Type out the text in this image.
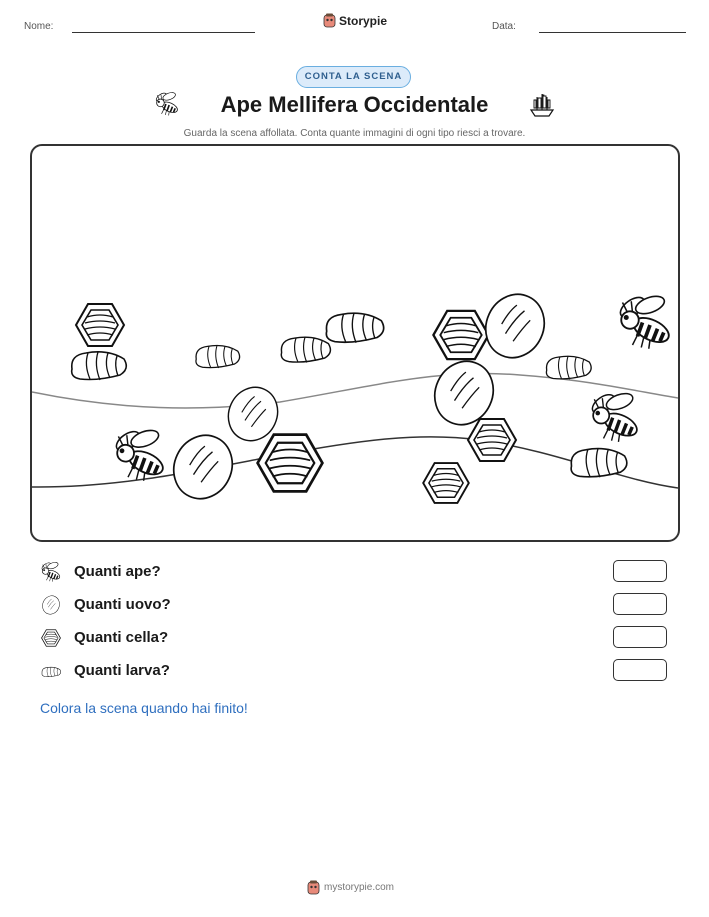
Nome:	Storypie	Data:
CONTA LA SCENA
Ape Mellifera Occidentale
Guarda la scena affollata. Conta quante immagini di ogni tipo riesci a trovare.
Quanti ape?
Quanti uovo?
Quanti cella?
Quanti larva?
Colora la scena quando hai finito!
mystorypie.com
